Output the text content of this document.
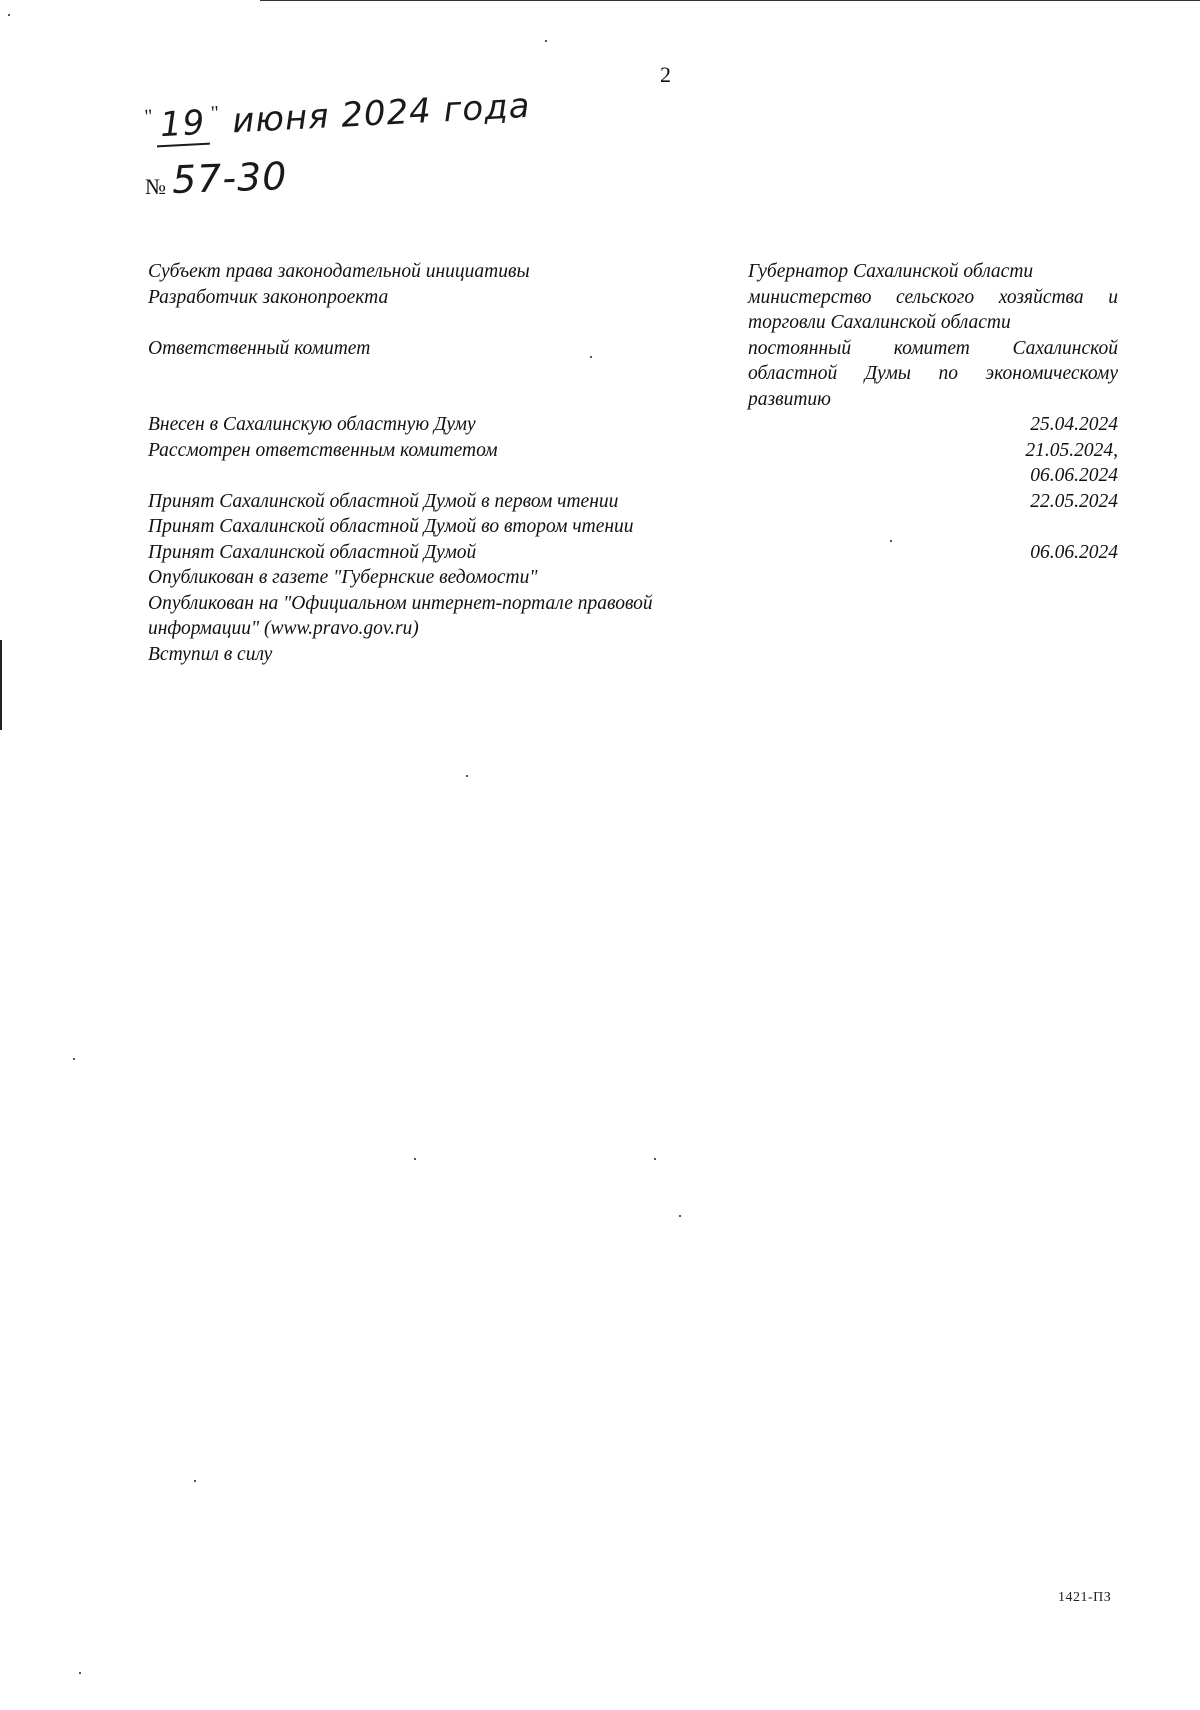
2
" 19 " июня 2024 года
№ 57-30
Субъект права законодательной инициативы	Губернатор Сахалинской области
Разработчик законопроекта	министерство сельского хозяйства и торговли Сахалинской области
Ответственный комитет	постоянный комитет Сахалинской областной Думы по экономическому развитию
Внесен в Сахалинскую областную Думу	25.04.2024
Рассмотрен ответственным комитетом	21.05.2024,
06.06.2024
Принят Сахалинской областной Думой в первом чтении	22.05.2024
Принят Сахалинской областной Думой во втором чтении
Принят Сахалинской областной Думой	06.06.2024
Опубликован в газете "Губернские ведомости"
Опубликован на "Официальном интернет-портале правовой информации" (www.pravo.gov.ru)
Вступил в силу
1421-ПЗ
